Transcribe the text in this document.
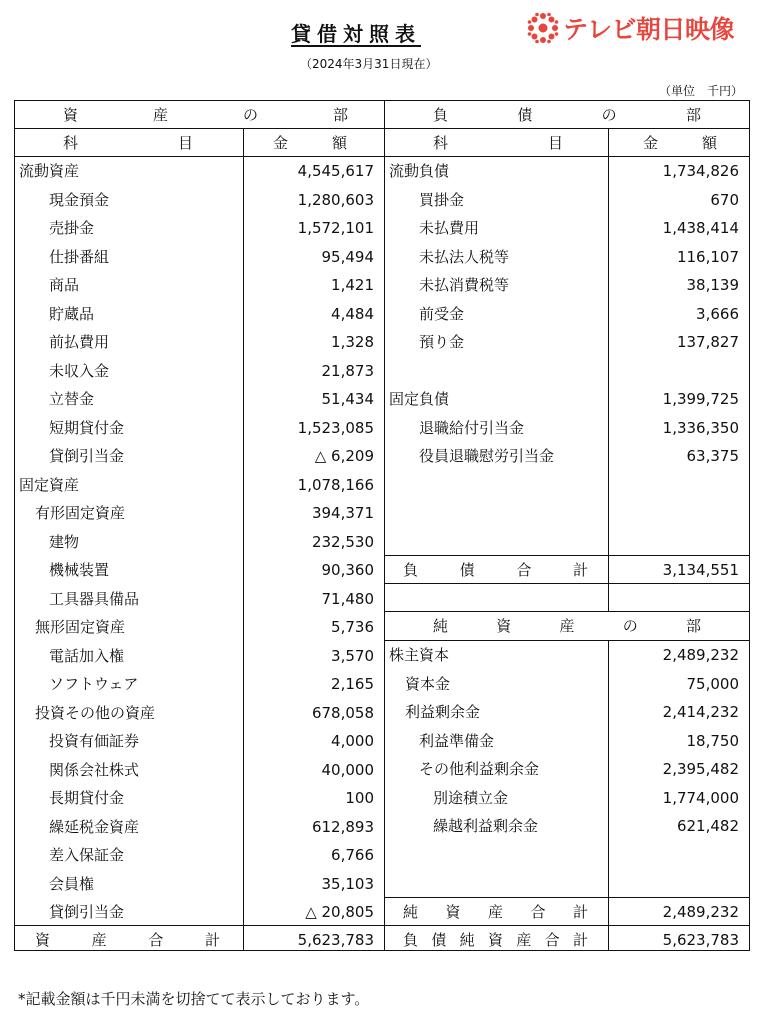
貸借対照表	テレビ朝日映像
（2024年3月31日現在）
（単位　千円）
資	産	の	部
科	目	金	額
流動資産	4,545,617
現金預金	1,280,603
売掛金	1,572,101
仕掛番組	95,494
商品	1,421
貯蔵品	4,484
前払費用	1,328
未収入金	21,873
立替金	51,434
短期貸付金	1,523,085
貸倒引当金	△ 6,209
固定資産	1,078,166
有形固定資産	394,371
建物	232,530
機械装置	90,360
工具器具備品	71,480
無形固定資産	5,736
電話加入権	3,570
ソフトウェア	2,165
投資その他の資産	678,058
投資有価証券	4,000
関係会社株式	40,000
長期貸付金	100
繰延税金資産	612,893
差入保証金	6,766
会員権	35,103
貸倒引当金	△ 20,805
資	産	合	計	5,623,783
負	債	の	部
科	目	金	額
流動負債	1,734,826
買掛金	670
未払費用	1,438,414
未払法人税等	116,107
未払消費税等	38,139
前受金	3,666
預り金	137,827
固定負債	1,399,725
退職給付引当金	1,336,350
役員退職慰労引当金	63,375
負	債	合	計	3,134,551
純	資	産	の	部
株主資本	2,489,232
資本金	75,000
利益剰余金	2,414,232
利益準備金	18,750
その他利益剰余金	2,395,482
別途積立金	1,774,000
繰越利益剰余金	621,482
純 資 産 合 計	2,489,232
負 債 純 資 産 合 計	5,623,783
*記載金額は千円未満を切捨てて表示しております。
